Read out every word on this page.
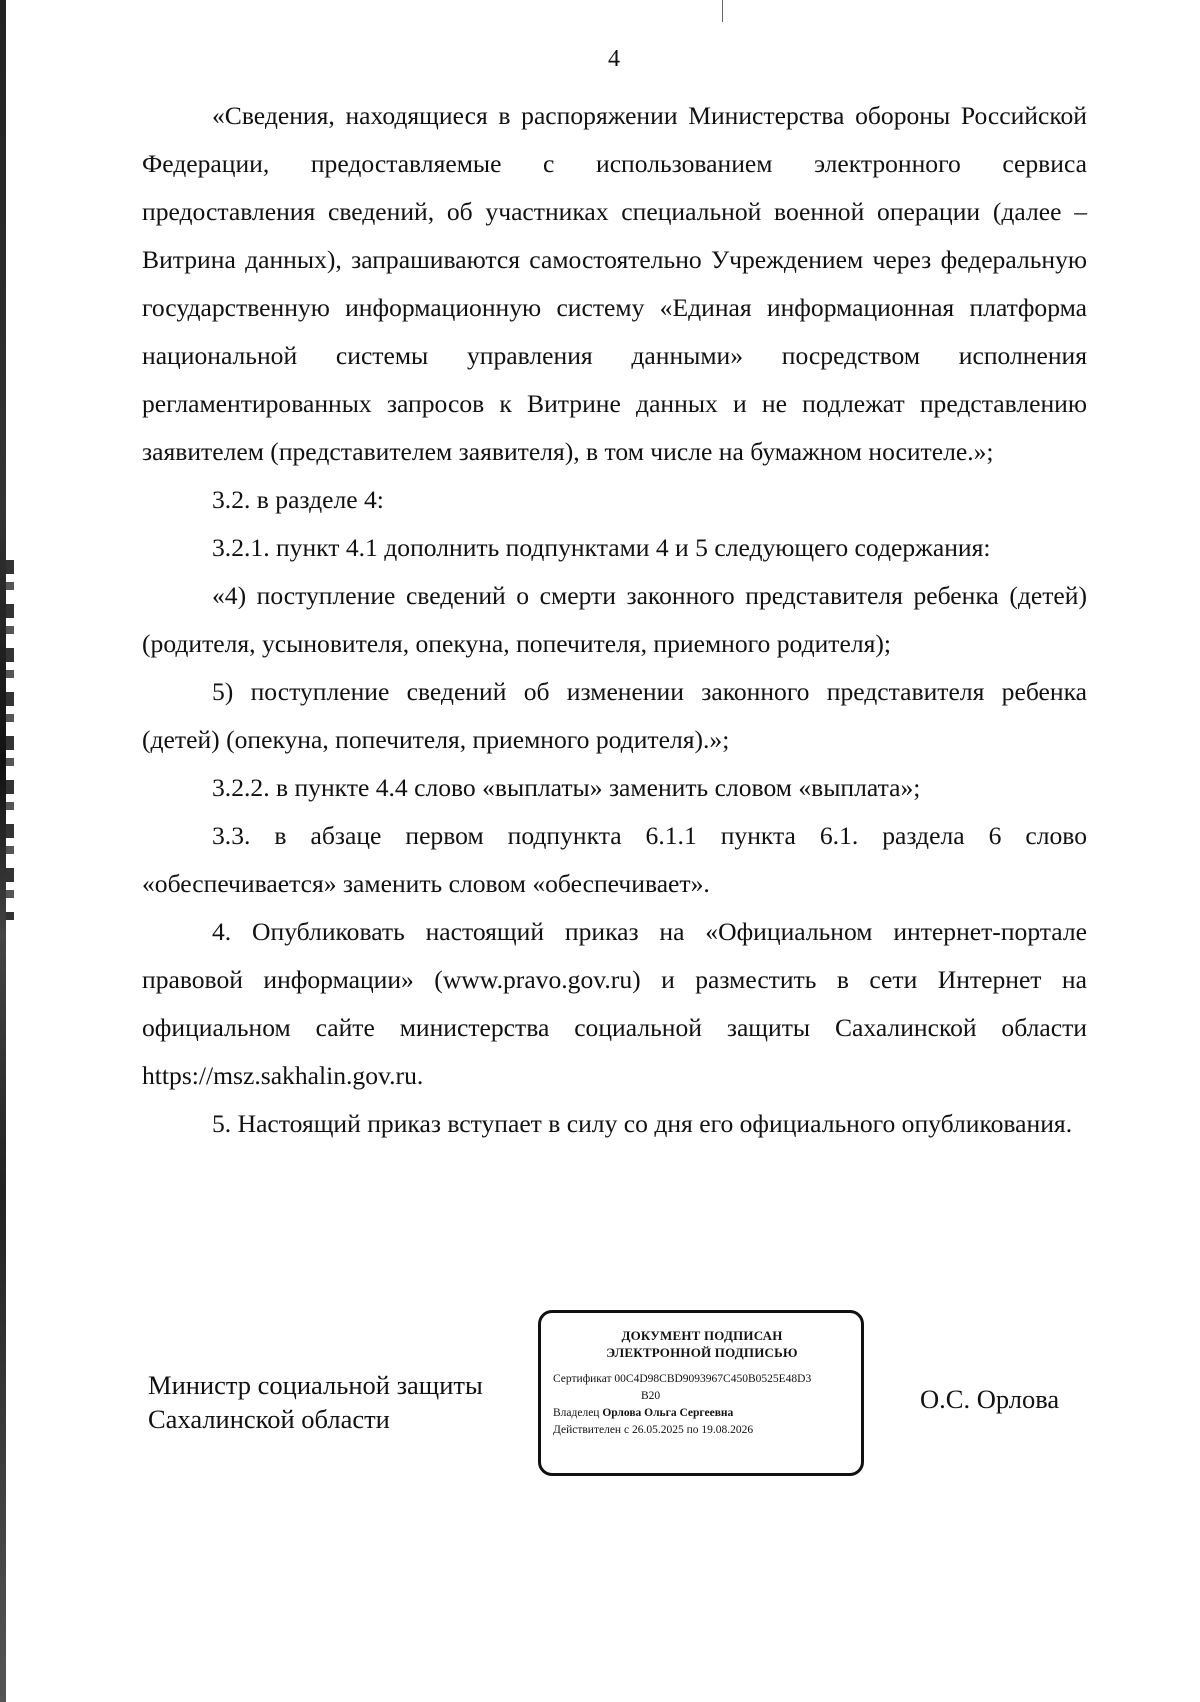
4

«Сведения, находящиеся в распоряжении Министерства обороны Российской Федерации, предоставляемые с использованием электронного сервиса предоставления сведений, об участниках специальной военной операции (далее – Витрина данных), запрашиваются самостоятельно Учреждением через федеральную государственную информационную систему «Единая информационная платформа национальной системы управления данными» посредством исполнения регламентированных запросов к Витрине данных и не подлежат представлению заявителем (представителем заявителя), в том числе на бумажном носителе.»;

3.2. в разделе 4:

3.2.1. пункт 4.1 дополнить подпунктами 4 и 5 следующего содержания:

«4) поступление сведений о смерти законного представителя ребенка (детей) (родителя, усыновителя, опекуна, попечителя, приемного родителя);

5) поступление сведений об изменении законного представителя ребенка (детей) (опекуна, попечителя, приемного родителя).»;

3.2.2. в пункте 4.4 слово «выплаты» заменить словом «выплата»;

3.3. в абзаце первом подпункта 6.1.1 пункта 6.1. раздела 6 слово «обеспечивается» заменить словом «обеспечивает».

4. Опубликовать настоящий приказ на «Официальном интернет-портале правовой информации» (www.pravo.gov.ru) и разместить в сети Интернет на официальном сайте министерства социальной защиты Сахалинской области https://msz.sakhalin.gov.ru.

5. Настоящий приказ вступает в силу со дня его официального опубликования.

Министр социальной защиты
Сахалинской области
ДОКУМЕНТ ПОДПИСАН
ЭЛЕКТРОННОЙ ПОДПИСЬЮ
Сертификат 00C4D98CBD9093967C450B0525E48D3
B20
Владелец Орлова Ольга Сергеевна
Действителен с 26.05.2025 по 19.08.2026
О.С. Орлова
